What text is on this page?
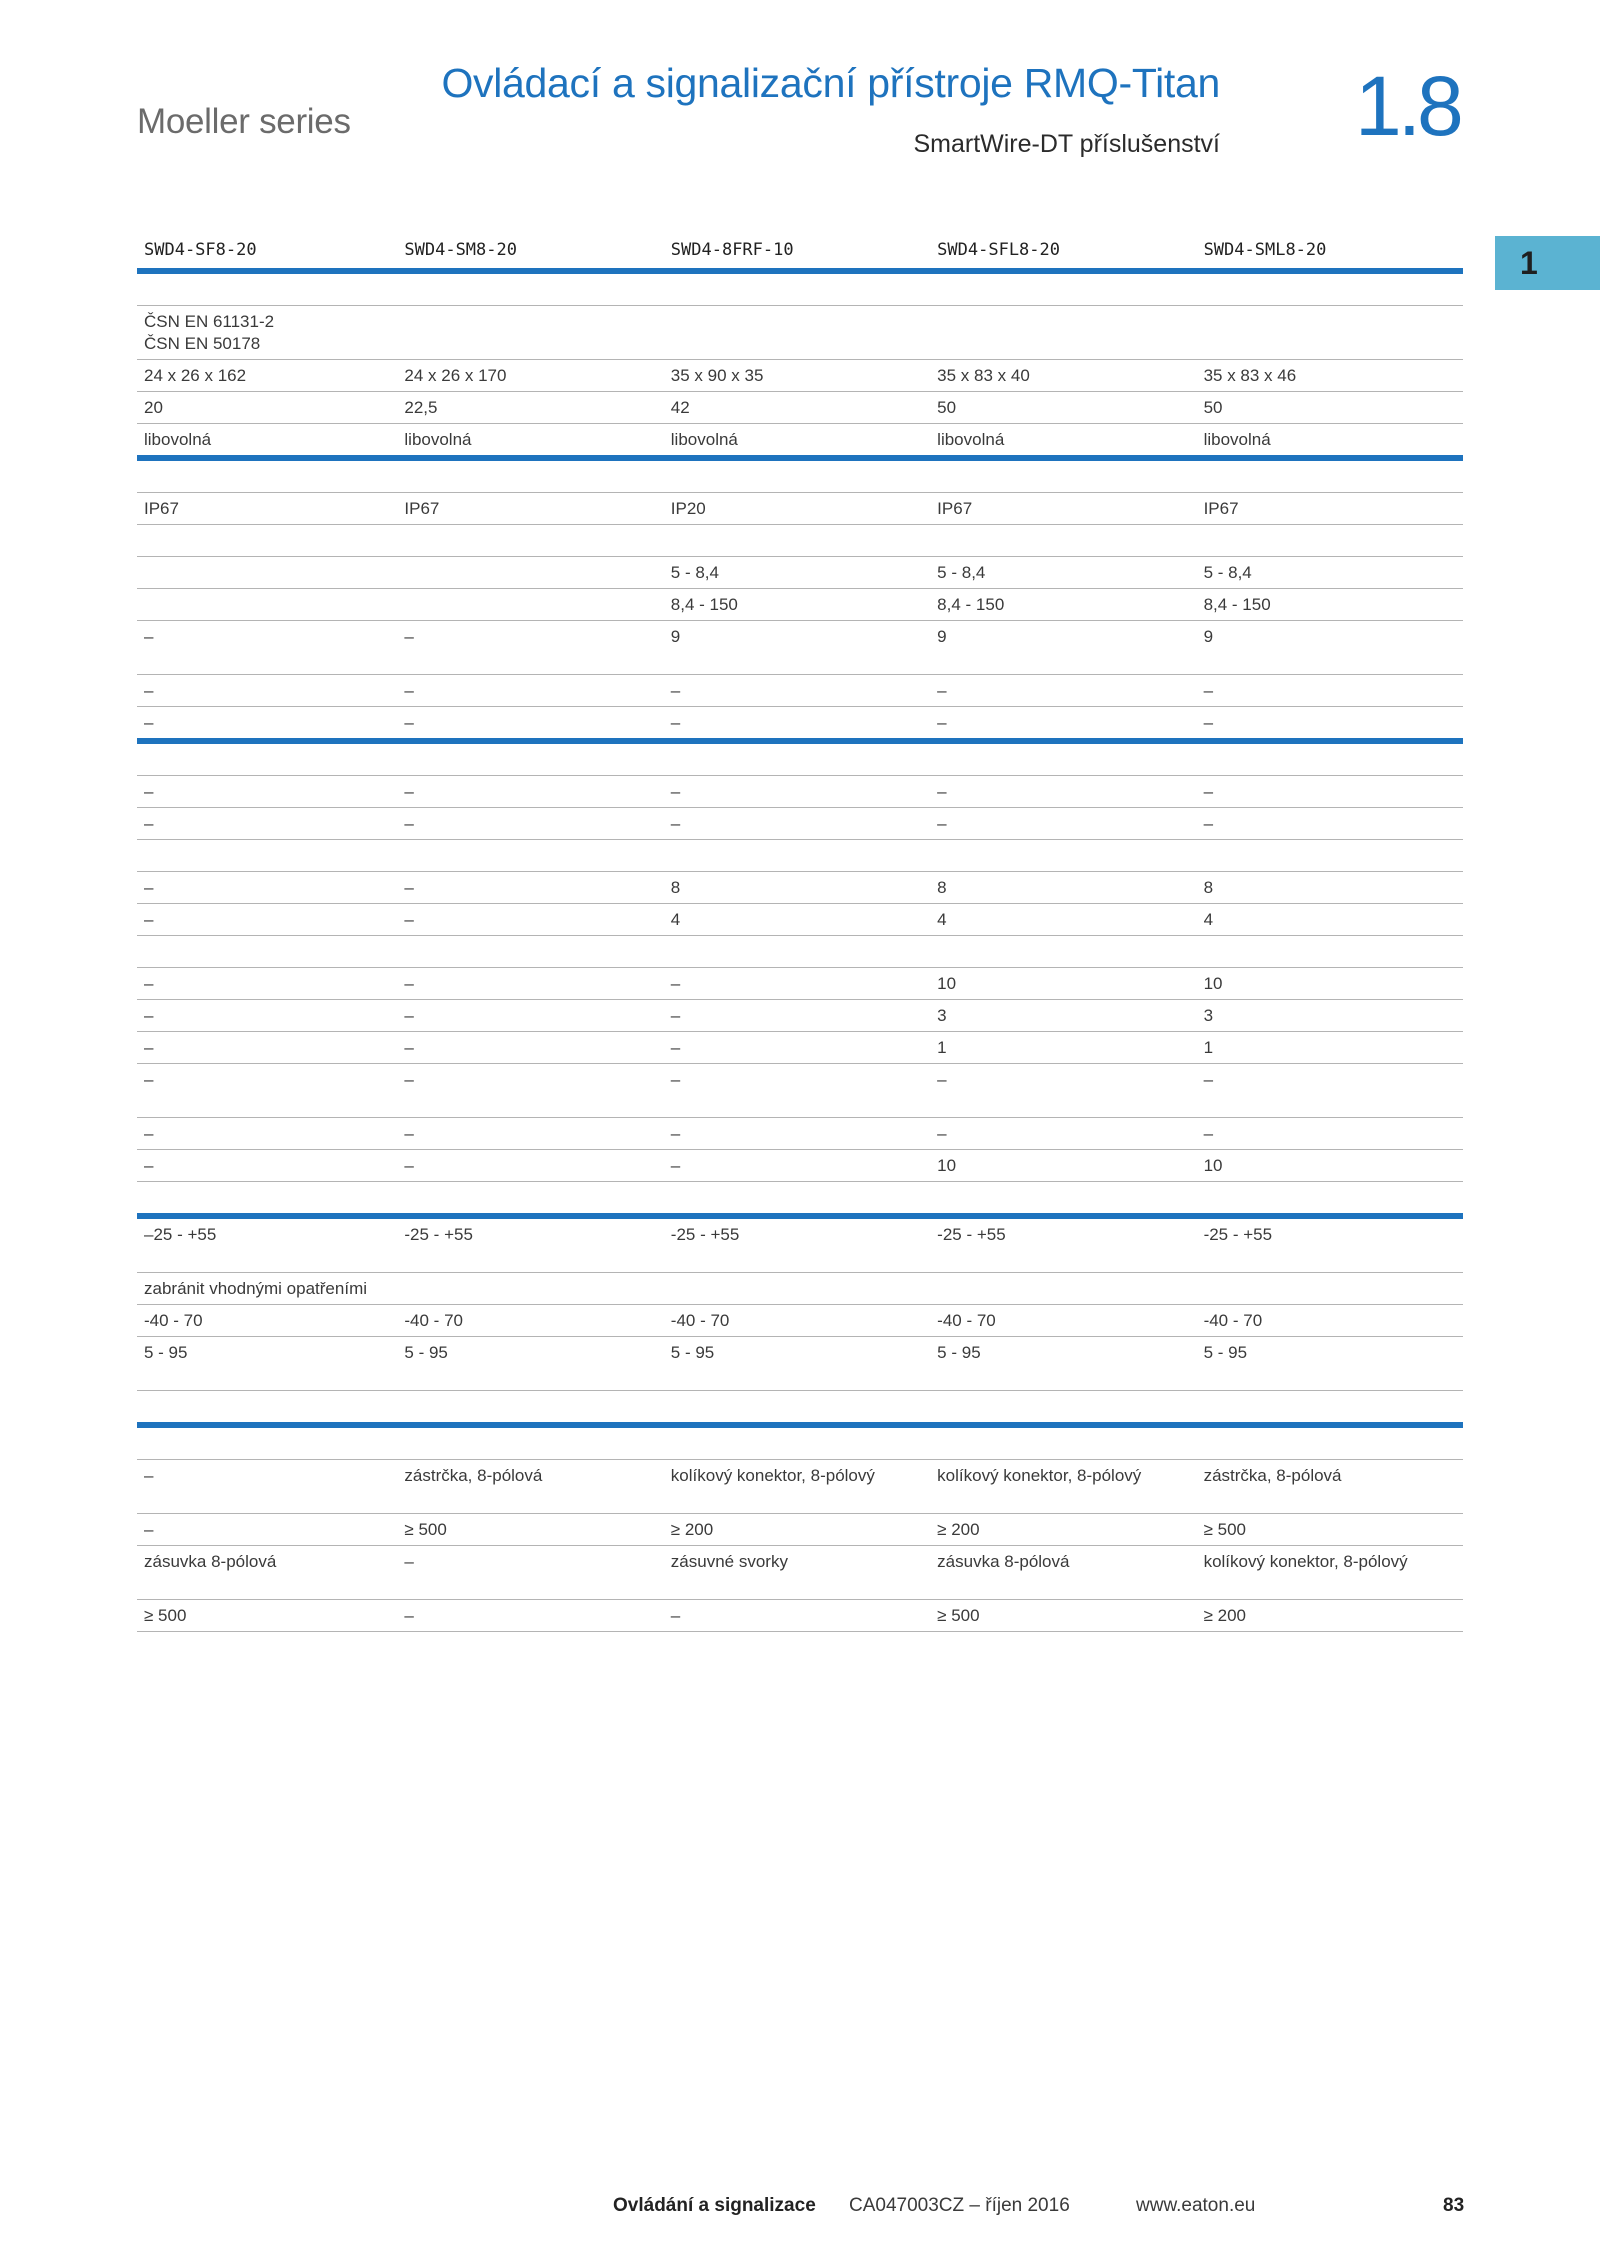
Moeller series
Ovládací a signalizační přístroje RMQ-Titan
SmartWire-DT příslušenství 1.8
1
SWD4-SF8-20	SWD4-SM8-20	SWD4-8FRF-10	SWD4-SFL8-20	SWD4-SML8-20

ČSN EN 61131-2
ČSN EN 50178				
24 x 26 x 162	24 x 26 x 170	35 x 90 x 35	35 x 83 x 40	35 x 83 x 46
20	22,5	42	50	50
libovolná	libovolná	libovolná	libovolná	libovolná

IP67	IP67	IP20	IP67	IP67

		5 - 8,4	5 - 8,4	5 - 8,4
		8,4 - 150	8,4 - 150	8,4 - 150
–	–	9	9	9
–	–	–	–	–
–	–	–	–	–

–	–	–	–	–
–	–	–	–	–

–	–	8	8	8
–	–	4	4	4

–	–	–	10	10
–	–	–	3	3
–	–	–	1	1
–	–	–	–	–
–	–	–	–	–
–	–	–	10	10

–25 - +55	-25 - +55	-25 - +55	-25 - +55	-25 - +55
zabránit vhodnými opatřeními				
-40 - 70	-40 - 70	-40 - 70	-40 - 70	-40 - 70
5 - 95	5 - 95	5 - 95	5 - 95	5 - 95

–	zástrčka, 8-pólová	kolíkový konektor, 8-pólový	kolíkový konektor, 8-pólový	zástrčka, 8-pólová
–	≥ 500	≥ 200	≥ 200	≥ 500
zásuvka 8-pólová	–	zásuvné svorky	zásuvka 8-pólová	kolíkový konektor, 8-pólový
≥ 500	–	–	≥ 500	≥ 200
Ovládání a signalizace CA047003CZ – říjen 2016	www.eaton.eu	83
